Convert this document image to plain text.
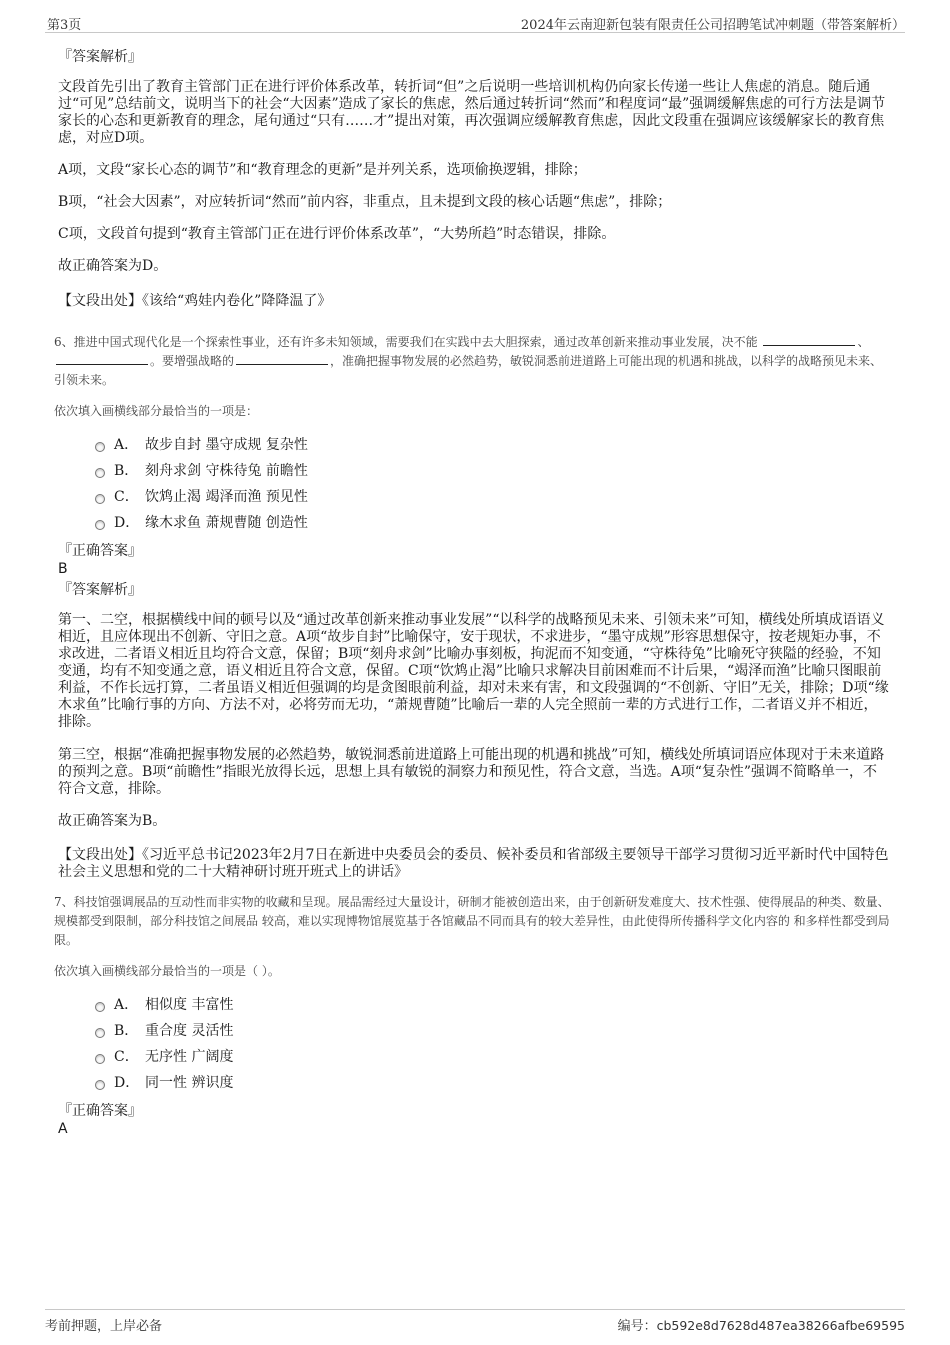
第3页	2024年云南迎新包装有限责任公司招聘笔试冲刺题（带答案解析）

『答案解析』

文段首先引出了教育主管部门正在进行评价体系改革，转折词“但”之后说明一些培训机构仍向家长传递一些让人焦虑的消息。随后通过“可见”总结前文，说明当下的社会“大因素”造成了家长的焦虑，然后通过转折词“然而”和程度词“最”强调缓解焦虑的可行方法是调节家长的心态和更新教育的理念，尾句通过“只有……才”提出对策，再次强调应缓解教育焦虑，因此文段重在强调应该缓解家长的教育焦虑，对应D项。

A项，文段“家长心态的调节”和“教育理念的更新”是并列关系，选项偷换逻辑，排除；

B项，“社会大因素”，对应转折词“然而”前内容，非重点，且未提到文段的核心话题“焦虑”，排除；

C项，文段首句提到“教育主管部门正在进行评价体系改革”，“大势所趋”时态错误，排除。

故正确答案为D。

【文段出处】《该给“鸡娃内卷化”降降温了》

6、推进中国式现代化是一个探索性事业，还有许多未知领域，需要我们在实践中去大胆探索，通过改革创新来推动事业发展，决不能	、。要增强战略的	，准确把握事物发展的必然趋势，敏锐洞悉前进道路上可能出现的机遇和挑战，以科学的战略预见未来、引领未来。

依次填入画横线部分最恰当的一项是：

A． 故步自封 墨守成规 复杂性
B． 刻舟求剑 守株待兔 前瞻性
C． 饮鸩止渴 竭泽而渔 预见性
D． 缘木求鱼 萧规曹随 创造性

『正确答案』

B

『答案解析』

第一、二空，根据横线中间的顿号以及“通过改革创新来推动事业发展”“以科学的战略预见未来、引领未来”可知，横线处所填成语语义相近，且应体现出不创新、守旧之意。A项“故步自封”比喻保守，安于现状，不求进步，“墨守成规”形容思想保守，按老规矩办事，不求改进，二者语义相近且均符合文意，保留；B项“刻舟求剑”比喻办事刻板，拘泥而不知变通，“守株待兔”比喻死守狭隘的经验，不知变通，均有不知变通之意，语义相近且符合文意，保留。C项“饮鸩止渴”比喻只求解决目前困难而不计后果，“竭泽而渔”比喻只图眼前利益，不作长远打算，二者虽语义相近但强调的均是贪图眼前利益，却对未来有害，和文段强调的“不创新、守旧”无关，排除；D项“缘木求鱼”比喻行事的方向、方法不对，必将劳而无功，“萧规曹随”比喻后一辈的人完全照前一辈的方式进行工作，二者语义并不相近，排除。

第三空，根据“准确把握事物发展的必然趋势，敏锐洞悉前进道路上可能出现的机遇和挑战”可知，横线处所填词语应体现对于未来道路的预判之意。B项“前瞻性”指眼光放得长远，思想上具有敏锐的洞察力和预见性，符合文意，当选。A项“复杂性”强调不简略单一，不符合文意，排除。

故正确答案为B。

【文段出处】《习近平总书记2023年2月7日在新进中央委员会的委员、候补委员和省部级主要领导干部学习贯彻习近平新时代中国特色社会主义思想和党的二十大精神研讨班开班式上的讲话》

7、科技馆强调展品的互动性而非实物的收藏和呈现。展品需经过大量设计，研制才能被创造出来，由于创新研发难度大、技术性强、使得展品的种类、数量、规模都受到限制，部分科技馆之间展品 较高，难以实现博物馆展览基于各馆藏品不同而具有的较大差异性，由此使得所传播科学文化内容的 和多样性都受到局限。

依次填入画横线部分最恰当的一项是（ ）。

A． 相似度 丰富性
B． 重合度 灵活性
C． 无序性 广阔度
D． 同一性 辨识度

『正确答案』

A

考前押题，上岸必备	编号：cb592e8d7628d487ea38266afbe69595
